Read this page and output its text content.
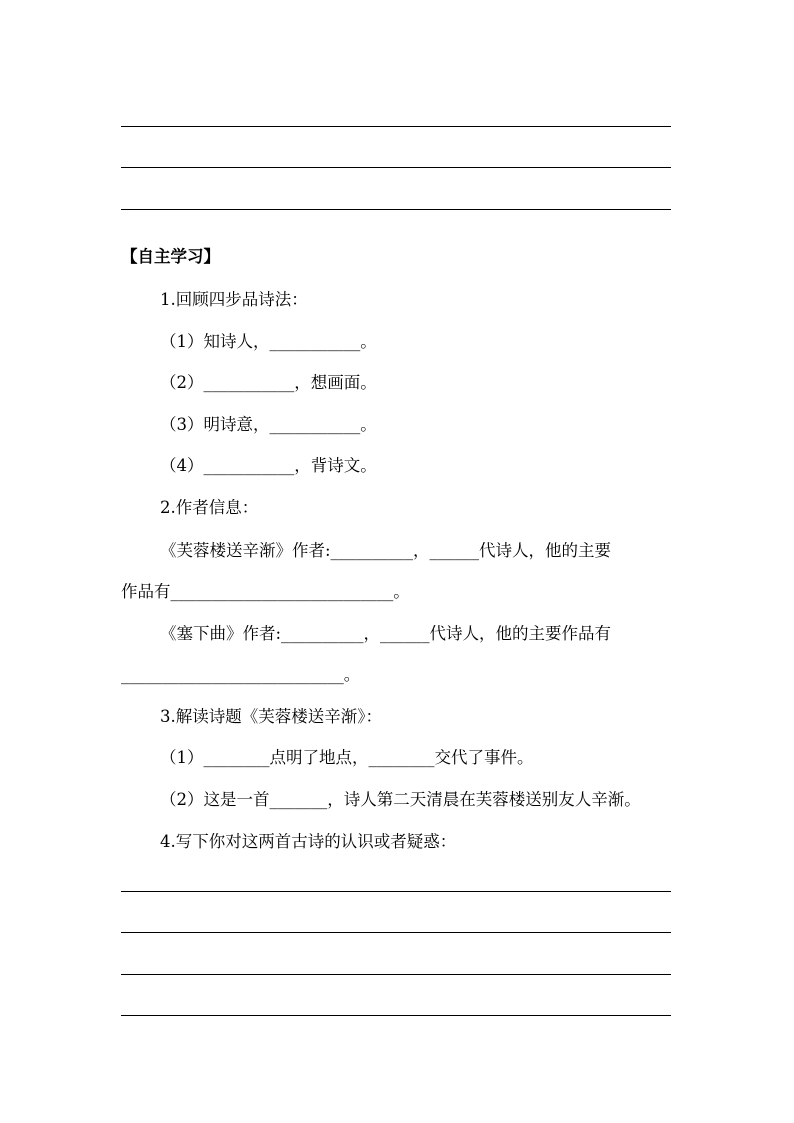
【自主学习】
1.回顾四步品诗法：
（1）知诗人，___________。
（2）___________，想画面。
（3）明诗意，___________。
（4）___________，背诗文。
2.作者信息：
《芙蓉楼送辛渐》作者:__________，______代诗人，他的主要
作品有___________________________。
《塞下曲》作者:__________，______代诗人，他的主要作品有
___________________________。
3.解读诗题《芙蓉楼送辛渐》：
（1）________点明了地点，________交代了事件。
（2）这是一首_______，诗人第二天清晨在芙蓉楼送别友人辛渐。
4.写下你对这两首古诗的认识或者疑惑：
